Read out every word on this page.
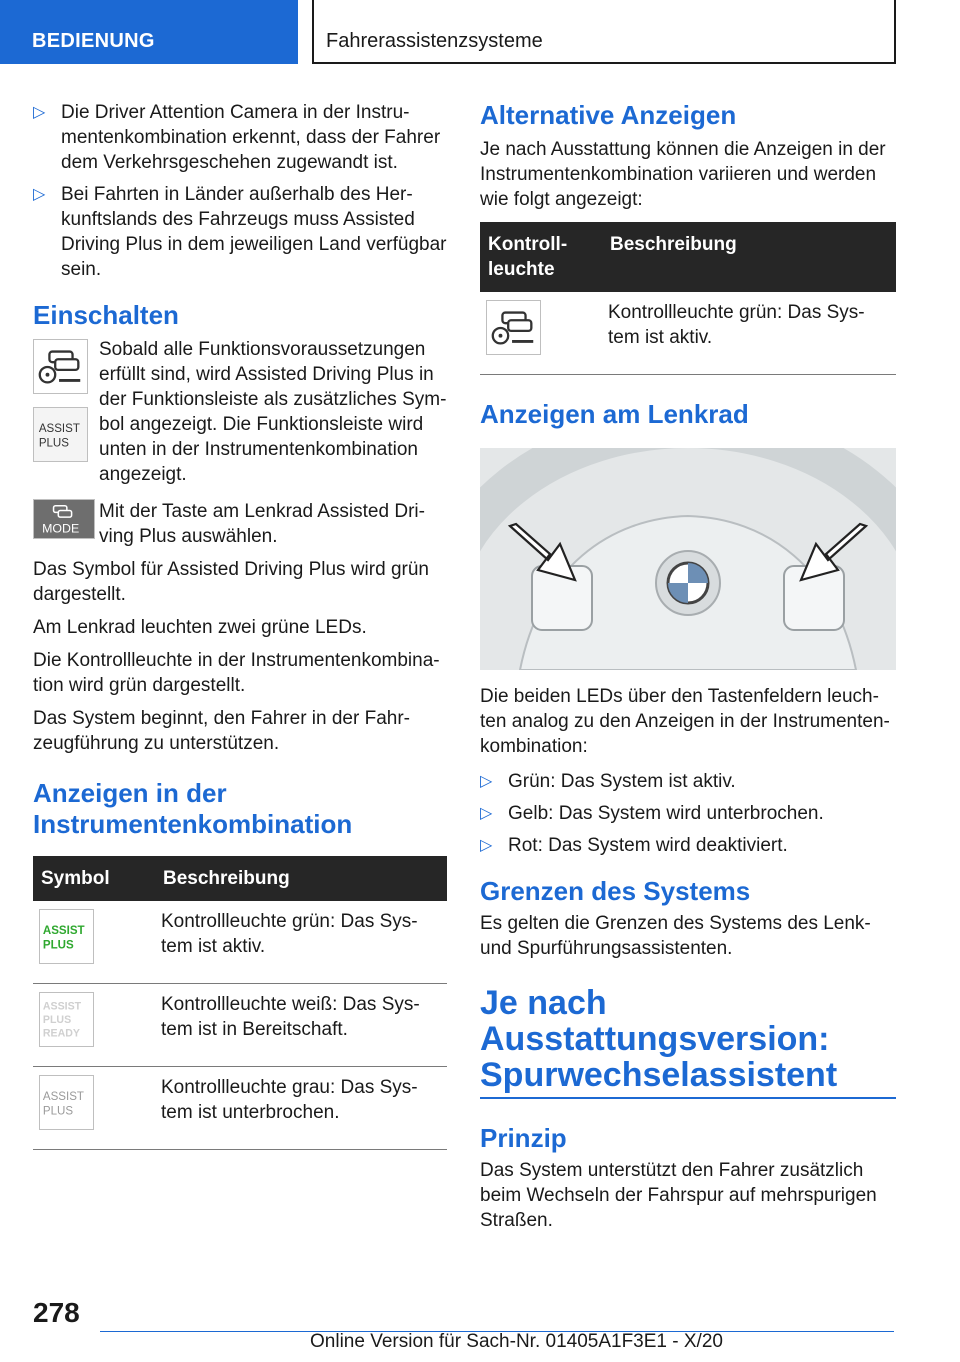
BEDIENUNG	Fahrerassistenzsysteme
▷ Die Driver Attention Camera in der Instru-mentenkombination erkennt, dass der Fahrer dem Verkehrsgeschehen zugewandt ist.
▷ Bei Fahrten in Länder außerhalb des Her-kunftslands des Fahrzeugs muss Assisted Driving Plus in dem jeweiligen Land verfügbar sein.
Einschalten

ASSIST
PLUS

Sobald alle Funktionsvoraussetzungen erfüllt sind, wird Assisted Driving Plus in der Funktionsleiste als zusätzliches Sym-bol angezeigt. Die Funktionsleiste wird unten in der Instrumentenkombination angezeigt.

MODE

Mit der Taste am Lenkrad Assisted Dri-ving Plus auswählen.

Das Symbol für Assisted Driving Plus wird grün dargestellt.

Am Lenkrad leuchten zwei grüne LEDs.

Die Kontrollleuchte in der Instrumentenkombina-tion wird grün dargestellt.

Das System beginnt, den Fahrer in der Fahr-zeugführung zu unterstützen.

Anzeigen in der
Instrumentenkombination
Symbol	Beschreibung

ASSIST
PLUS	Kontrollleuchte grün: Das Sys-tem ist aktiv.

ASSIST
PLUS
READY	Kontrollleuchte weiß: Das Sys-tem ist in Bereitschaft.

ASSIST
PLUS	Kontrollleuchte grau: Das Sys-tem ist unterbrochen.
Alternative Anzeigen

Je nach Ausstattung können die Anzeigen in der Instrumentenkombination variieren und werden wie folgt angezeigt:

Kontroll-leuchte	Beschreibung

	Kontrollleuchte grün: Das Sys-tem ist aktiv.
Anzeigen am Lenkrad

Die beiden LEDs über den Tastenfeldern leuch-ten analog zu den Anzeigen in der Instrumenten-kombination:

▷ Grün: Das System ist aktiv.
▷ Gelb: Das System wird unterbrochen.
▷ Rot: Das System wird deaktiviert.
Grenzen des Systems

Es gelten die Grenzen des Systems des Lenk- und Spurführungsassistenten.

Je nach
Ausstattungsversion:
Spurwechselassistent
Prinzip

Das System unterstützt den Fahrer zusätzlich beim Wechseln der Fahrspur auf mehrspurigen Straßen.

278
Online Version für Sach-Nr. 01405A1F3E1 - X/20
